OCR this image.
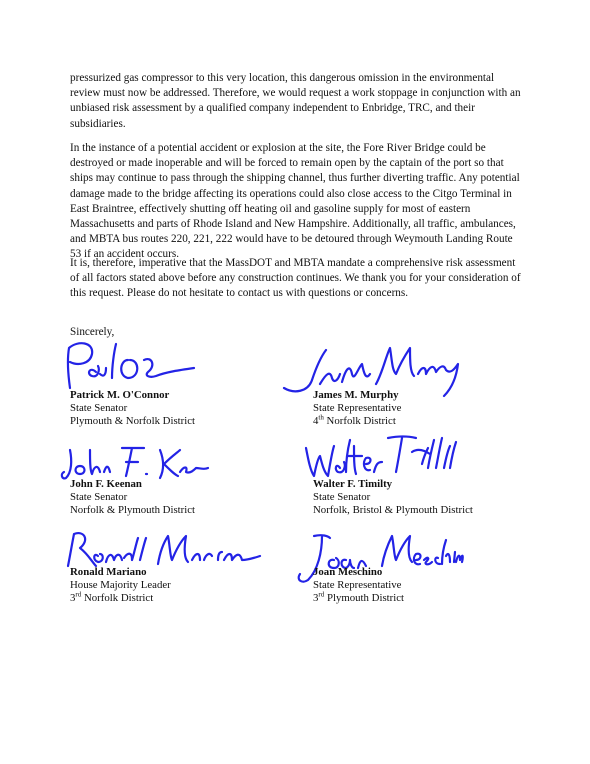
pressurized gas compressor to this very location, this dangerous omission in the environmental review must now be addressed. Therefore, we would request a work stoppage in conjunction with an unbiased risk assessment by a qualified company independent to Enbridge, TRC, and their subsidiaries.

In the instance of a potential accident or explosion at the site, the Fore River Bridge could be destroyed or made inoperable and will be forced to remain open by the captain of the port so that ships may continue to pass through the shipping channel, thus further diverting traffic. Any potential damage made to the bridge affecting its operations could also close access to the Citgo Terminal in East Braintree, effectively shutting off heating oil and gasoline supply for most of eastern Massachusetts and parts of Rhode Island and New Hampshire. Additionally, all traffic, ambulances, and MBTA bus routes 220, 221, 222 would have to be detoured through Weymouth Landing Route 53 if an accident occurs.

It is, therefore, imperative that the MassDOT and MBTA mandate a comprehensive risk assessment of all factors stated above before any construction continues. We thank you for your consideration of this request. Please do not hesitate to contact us with questions or concerns.

Sincerely,

Patrick M. O'Connor
State Senator
Plymouth & Norfolk District
James M. Murphy
State Representative
4th Norfolk District
John F. Keenan
State Senator
Norfolk & Plymouth District
Walter F. Timilty
State Senator
Norfolk, Bristol & Plymouth District
Ronald Mariano
House Majority Leader
3rd Norfolk District
Joan Meschino
State Representative
3rd Plymouth District
